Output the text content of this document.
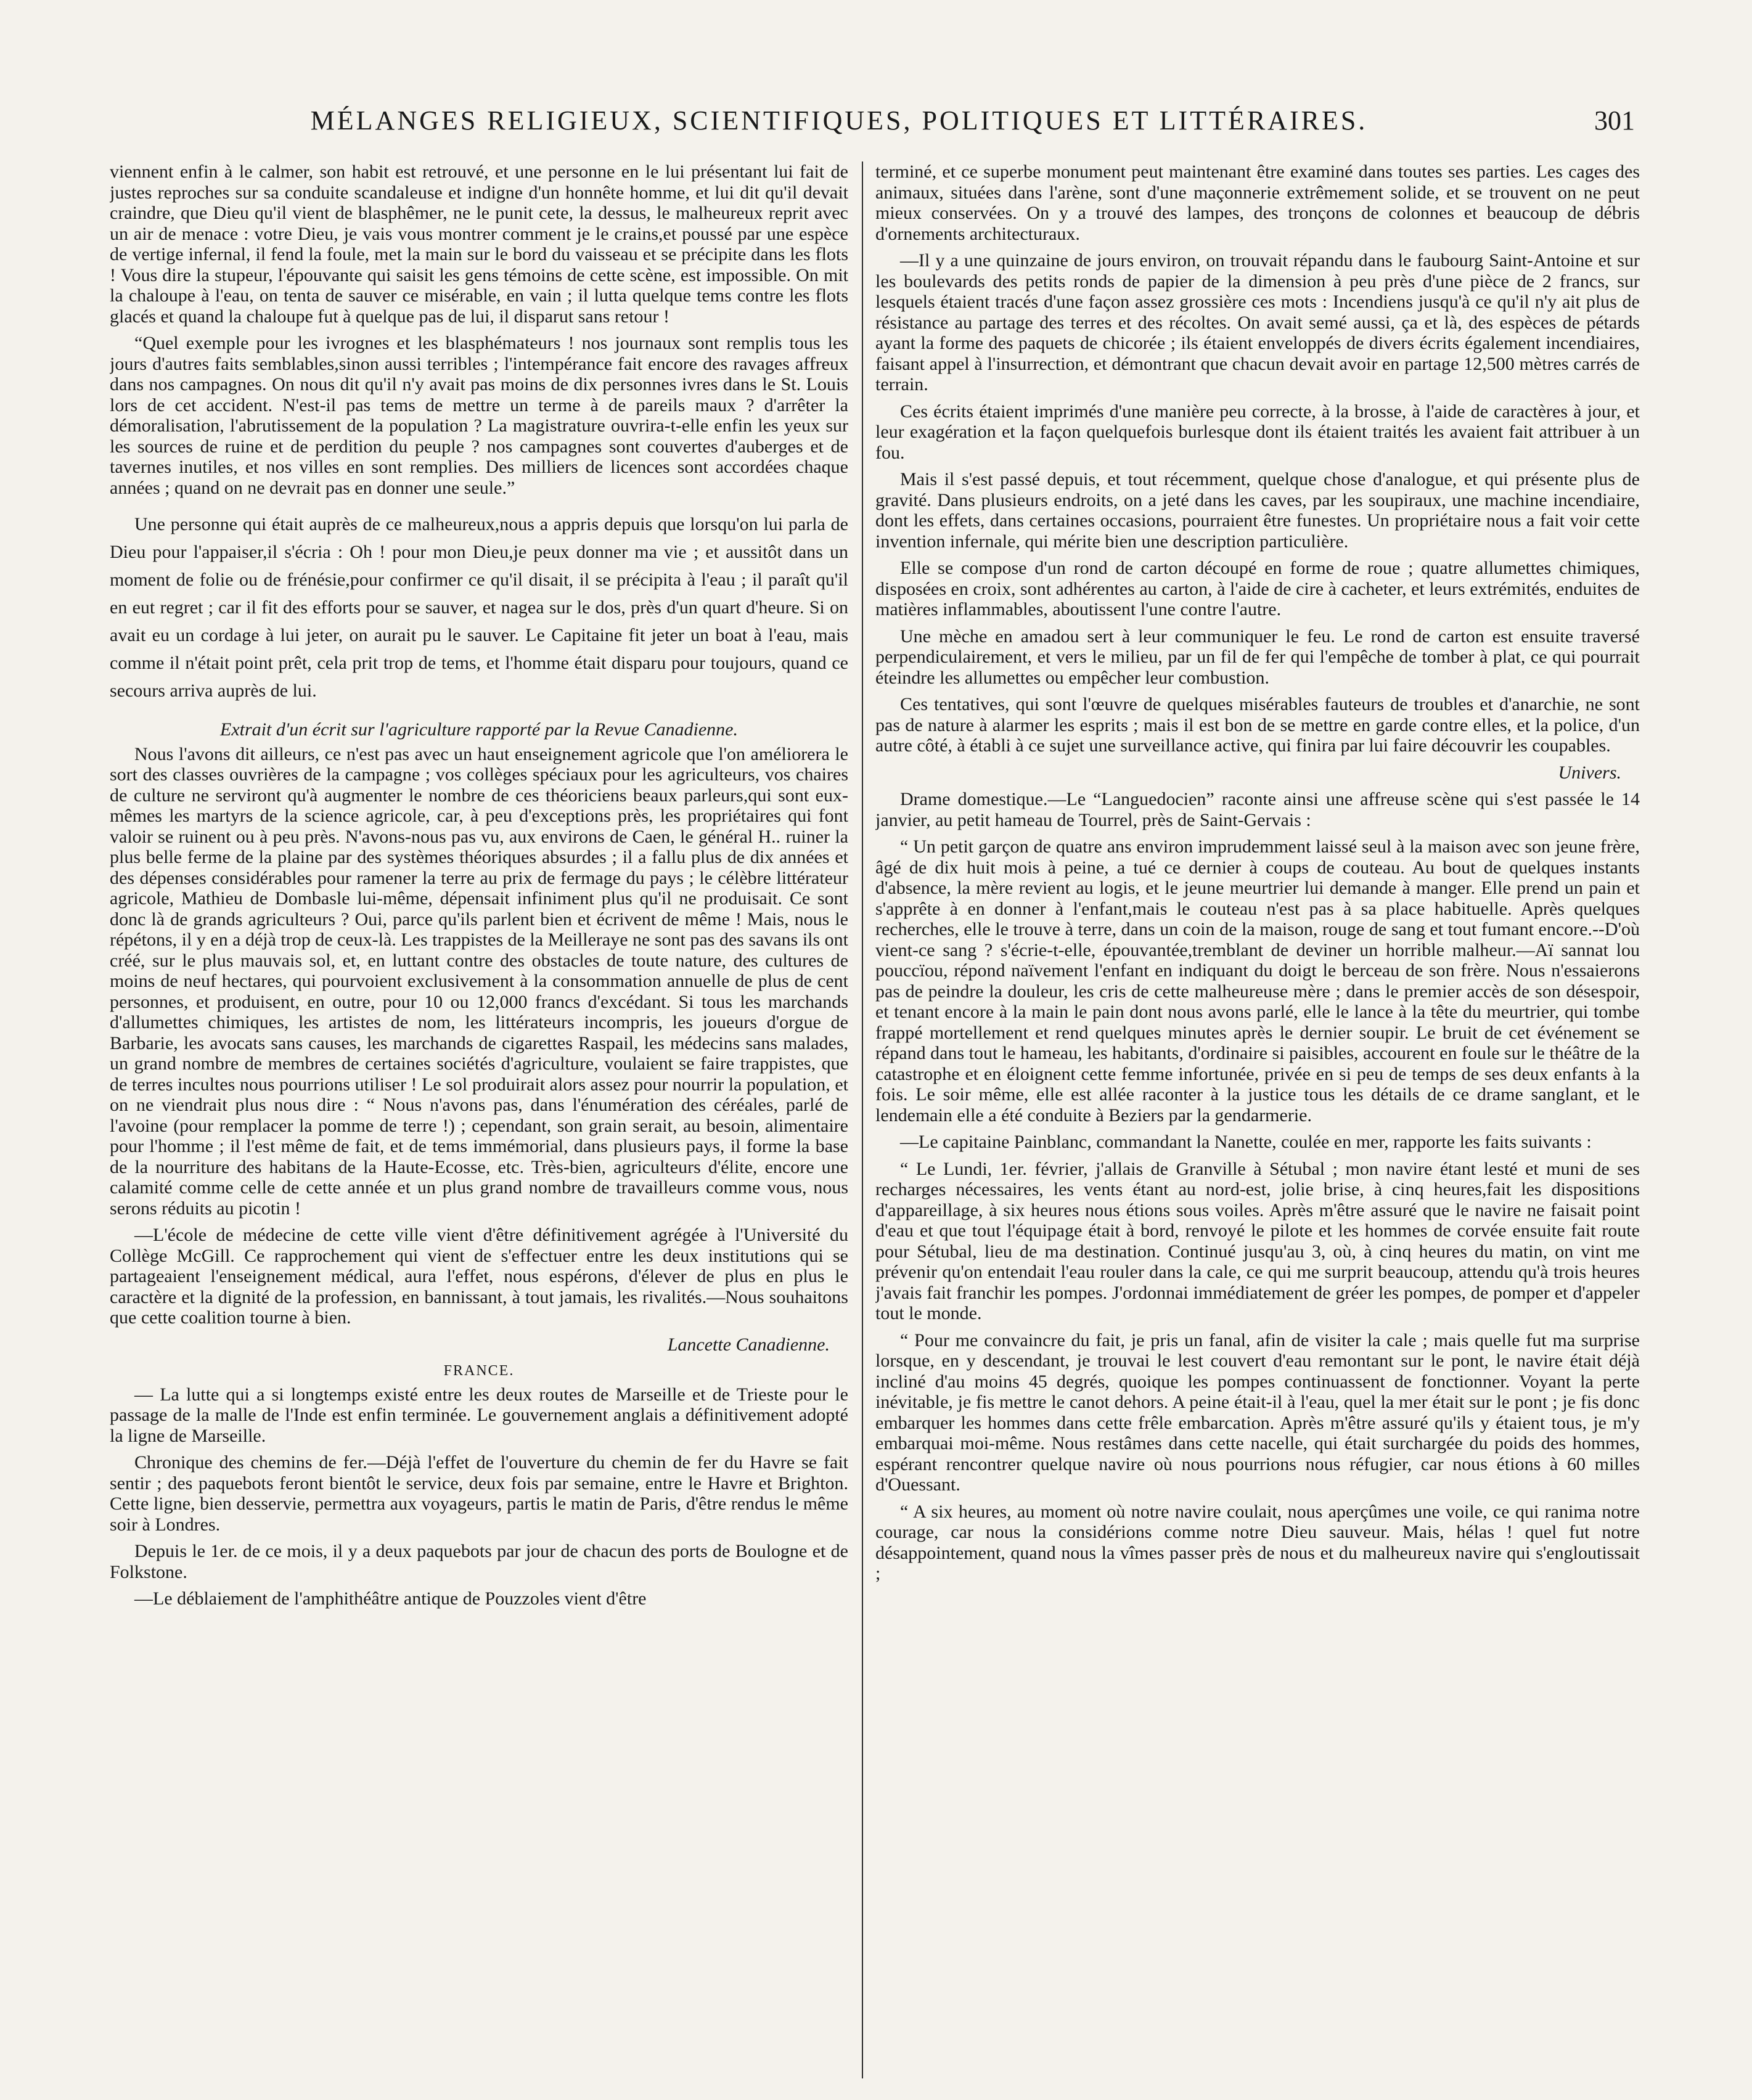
MÉLANGES RELIGIEUX, SCIENTIFIQUES, POLITIQUES ET LITTÉRAIRES.	301

viennent enfin à le calmer, son habit est retrouvé, et une personne en le lui présentant lui fait de justes reproches sur sa conduite scandaleuse et indigne d'un honnête homme, et lui dit qu'il devait craindre, que Dieu qu'il vient de blasphêmer, ne le punit cete, la dessus, le malheureux reprit avec un air de menace : votre Dieu, je vais vous montrer comment je le crains,et poussé par une espèce de vertige infernal, il fend la foule, met la main sur le bord du vaisseau et se précipite dans les flots ! Vous dire la stupeur, l'épouvante qui saisit les gens témoins de cette scène, est impossible. On mit la chaloupe à l'eau, on tenta de sauver ce misérable, en vain ; il lutta quelque tems contre les flots glacés et quand la chaloupe fut à quelque pas de lui, il disparut sans retour !

“Quel exemple pour les ivrognes et les blasphémateurs ! nos journaux sont remplis tous les jours d'autres faits semblables,sinon aussi terribles ; l'intempérance fait encore des ravages affreux dans nos campagnes. On nous dit qu'il n'y avait pas moins de dix personnes ivres dans le St. Louis lors de cet accident. N'est-il pas tems de mettre un terme à de pareils maux ? d'arrêter la démoralisation, l'abrutissement de la population ? La magistrature ouvrira-t-elle enfin les yeux sur les sources de ruine et de perdition du peuple ? nos campagnes sont couvertes d'auberges et de tavernes inutiles, et nos villes en sont remplies. Des milliers de licences sont accordées chaque années ; quand on ne devrait pas en donner une seule.”

Une personne qui était auprès de ce malheureux,nous a appris depuis que lorsqu'on lui parla de Dieu pour l'appaiser,il s'écria : Oh ! pour mon Dieu,je peux donner ma vie ; et aussitôt dans un moment de folie ou de frénésie,pour confirmer ce qu'il disait, il se précipita à l'eau ; il paraît qu'il en eut regret ; car il fit des efforts pour se sauver, et nagea sur le dos, près d'un quart d'heure. Si on avait eu un cordage à lui jeter, on aurait pu le sauver. Le Capitaine fit jeter un boat à l'eau, mais comme il n'était point prêt, cela prit trop de tems, et l'homme était disparu pour toujours, quand ce secours arriva auprès de lui.

Extrait d'un écrit sur l'agriculture rapporté par la Revue Canadienne.

Nous l'avons dit ailleurs, ce n'est pas avec un haut enseignement agricole que l'on améliorera le sort des classes ouvrières de la campagne ; vos collèges spéciaux pour les agriculteurs, vos chaires de culture ne serviront qu'à augmenter le nombre de ces théoriciens beaux parleurs,qui sont eux-mêmes les martyrs de la science agricole, car, à peu d'exceptions près, les propriétaires qui font valoir se ruinent ou à peu près. N'avons-nous pas vu, aux environs de Caen, le général H.. ruiner la plus belle ferme de la plaine par des systèmes théoriques absurdes ; il a fallu plus de dix années et des dépenses considérables pour ramener la terre au prix de fermage du pays ; le célèbre littérateur agricole, Mathieu de Dombasle lui-même, dépensait infiniment plus qu'il ne produisait. Ce sont donc là de grands agriculteurs ? Oui, parce qu'ils parlent bien et écrivent de même ! Mais, nous le répétons, il y en a déjà trop de ceux-là. Les trappistes de la Meilleraye ne sont pas des savans ils ont créé, sur le plus mauvais sol, et, en luttant contre des obstacles de toute nature, des cultures de moins de neuf hectares, qui pourvoient exclusivement à la consommation annuelle de plus de cent personnes, et produisent, en outre, pour 10 ou 12,000 francs d'excédant. Si tous les marchands d'allumettes chimiques, les artistes de nom, les littérateurs incompris, les joueurs d'orgue de Barbarie, les avocats sans causes, les marchands de cigarettes Raspail, les médecins sans malades, un grand nombre de membres de certaines sociétés d'agriculture, voulaient se faire trappistes, que de terres incultes nous pourrions utiliser ! Le sol produirait alors assez pour nourrir la population, et on ne viendrait plus nous dire : “ Nous n'avons pas, dans l'énumération des céréales, parlé de l'avoine (pour remplacer la pomme de terre !) ; cependant, son grain serait, au besoin, alimentaire pour l'homme ; il l'est même de fait, et de tems immémorial, dans plusieurs pays, il forme la base de la nourriture des habitans de la Haute-Ecosse, etc. Très-bien, agriculteurs d'élite, encore une calamité comme celle de cette année et un plus grand nombre de travailleurs comme vous, nous serons réduits au picotin !

—L'école de médecine de cette ville vient d'être définitivement agrégée à l'Université du Collège McGill. Ce rapprochement qui vient de s'effectuer entre les deux institutions qui se partageaient l'enseignement médical, aura l'effet, nous espérons, d'élever de plus en plus le caractère et la dignité de la profession, en bannissant, à tout jamais, les rivalités.—Nous souhaitons que cette coalition tourne à bien.

Lancette Canadienne.
FRANCE.

— La lutte qui a si longtemps existé entre les deux routes de Marseille et de Trieste pour le passage de la malle de l'Inde est enfin terminée. Le gouvernement anglais a définitivement adopté la ligne de Marseille.

Chronique des chemins de fer.—Déjà l'effet de l'ouverture du chemin de fer du Havre se fait sentir ; des paquebots feront bientôt le service, deux fois par semaine, entre le Havre et Brighton. Cette ligne, bien desservie, permettra aux voyageurs, partis le matin de Paris, d'être rendus le même soir à Londres.

Depuis le 1er. de ce mois, il y a deux paquebots par jour de chacun des ports de Boulogne et de Folkstone.

—Le déblaiement de l'amphithéâtre antique de Pouzzoles vient d'être

terminé, et ce superbe monument peut maintenant être examiné dans toutes ses parties. Les cages des animaux, situées dans l'arène, sont d'une maçonnerie extrêmement solide, et se trouvent on ne peut mieux conservées. On y a trouvé des lampes, des tronçons de colonnes et beaucoup de débris d'ornements architecturaux.

—Il y a une quinzaine de jours environ, on trouvait répandu dans le faubourg Saint-Antoine et sur les boulevards des petits ronds de papier de la dimension à peu près d'une pièce de 2 francs, sur lesquels étaient tracés d'une façon assez grossière ces mots : Incendiens jusqu'à ce qu'il n'y ait plus de résistance au partage des terres et des récoltes. On avait semé aussi, ça et là, des espèces de pétards ayant la forme des paquets de chicorée ; ils étaient enveloppés de divers écrits également incendiaires, faisant appel à l'insurrection, et démontrant que chacun devait avoir en partage 12,500 mètres carrés de terrain.

Ces écrits étaient imprimés d'une manière peu correcte, à la brosse, à l'aide de caractères à jour, et leur exagération et la façon quelquefois burlesque dont ils étaient traités les avaient fait attribuer à un fou.

Mais il s'est passé depuis, et tout récemment, quelque chose d'analogue, et qui présente plus de gravité. Dans plusieurs endroits, on a jeté dans les caves, par les soupiraux, une machine incendiaire, dont les effets, dans certaines occasions, pourraient être funestes. Un propriétaire nous a fait voir cette invention infernale, qui mérite bien une description particulière.

Elle se compose d'un rond de carton découpé en forme de roue ; quatre allumettes chimiques, disposées en croix, sont adhérentes au carton, à l'aide de cire à cacheter, et leurs extrémités, enduites de matières inflammables, aboutissent l'une contre l'autre.

Une mèche en amadou sert à leur communiquer le feu. Le rond de carton est ensuite traversé perpendiculairement, et vers le milieu, par un fil de fer qui l'empêche de tomber à plat, ce qui pourrait éteindre les allumettes ou empêcher leur combustion.

Ces tentatives, qui sont l'œuvre de quelques misérables fauteurs de troubles et d'anarchie, ne sont pas de nature à alarmer les esprits ; mais il est bon de se mettre en garde contre elles, et la police, d'un autre côté, à établi à ce sujet une surveillance active, qui finira par lui faire découvrir les coupables.

Univers.

Drame domestique.—Le “Languedocien” raconte ainsi une affreuse scène qui s'est passée le 14 janvier, au petit hameau de Tourrel, près de Saint-Gervais :

“ Un petit garçon de quatre ans environ imprudemment laissé seul à la maison avec son jeune frère, âgé de dix huit mois à peine, a tué ce dernier à coups de couteau. Au bout de quelques instants d'absence, la mère revient au logis, et le jeune meurtrier lui demande à manger. Elle prend un pain et s'apprête à en donner à l'enfant,mais le couteau n'est pas à sa place habituelle. Après quelques recherches, elle le trouve à terre, dans un coin de la maison, rouge de sang et tout fumant encore.--D'où vient-ce sang ? s'écrie-t-elle, épouvantée,tremblant de deviner un horrible malheur.—Aï sannat lou pouccïou, répond naïvement l'enfant en indiquant du doigt le berceau de son frère. Nous n'essaierons pas de peindre la douleur, les cris de cette malheureuse mère ; dans le premier accès de son désespoir, et tenant encore à la main le pain dont nous avons parlé, elle le lance à la tête du meurtrier, qui tombe frappé mortellement et rend quelques minutes après le dernier soupir. Le bruit de cet événement se répand dans tout le hameau, les habitants, d'ordinaire si paisibles, accourent en foule sur le théâtre de la catastrophe et en éloignent cette femme infortunée, privée en si peu de temps de ses deux enfants à la fois. Le soir même, elle est allée raconter à la justice tous les détails de ce drame sanglant, et le lendemain elle a été conduite à Beziers par la gendarmerie.

—Le capitaine Painblanc, commandant la Nanette, coulée en mer, rapporte les faits suivants :

“ Le Lundi, 1er. février, j'allais de Granville à Sétubal ; mon navire étant lesté et muni de ses recharges nécessaires, les vents étant au nord-est, jolie brise, à cinq heures,fait les dispositions d'appareillage, à six heures nous étions sous voiles. Après m'être assuré que le navire ne faisait point d'eau et que tout l'équipage était à bord, renvoyé le pilote et les hommes de corvée ensuite fait route pour Sétubal, lieu de ma destination. Continué jusqu'au 3, où, à cinq heures du matin, on vint me prévenir qu'on entendait l'eau rouler dans la cale, ce qui me surprit beaucoup, attendu qu'à trois heures j'avais fait franchir les pompes. J'ordonnai immédiatement de gréer les pompes, de pomper et d'appeler tout le monde.

“ Pour me convaincre du fait, je pris un fanal, afin de visiter la cale ; mais quelle fut ma surprise lorsque, en y descendant, je trouvai le lest couvert d'eau remontant sur le pont, le navire était déjà incliné d'au moins 45 degrés, quoique les pompes continuassent de fonctionner. Voyant la perte inévitable, je fis mettre le canot dehors. A peine était-il à l'eau, quel la mer était sur le pont ; je fis donc embarquer les hommes dans cette frêle embarcation. Après m'être assuré qu'ils y étaient tous, je m'y embarquai moi-même. Nous restâmes dans cette nacelle, qui était surchargée du poids des hommes, espérant rencontrer quelque navire où nous pourrions nous réfugier, car nous étions à 60 milles d'Ouessant.

“ A six heures, au moment où notre navire coulait, nous aperçûmes une voile, ce qui ranima notre courage, car nous la considérions comme notre Dieu sauveur. Mais, hélas ! quel fut notre désappointement, quand nous la vîmes passer près de nous et du malheureux navire qui s'engloutissait ;
